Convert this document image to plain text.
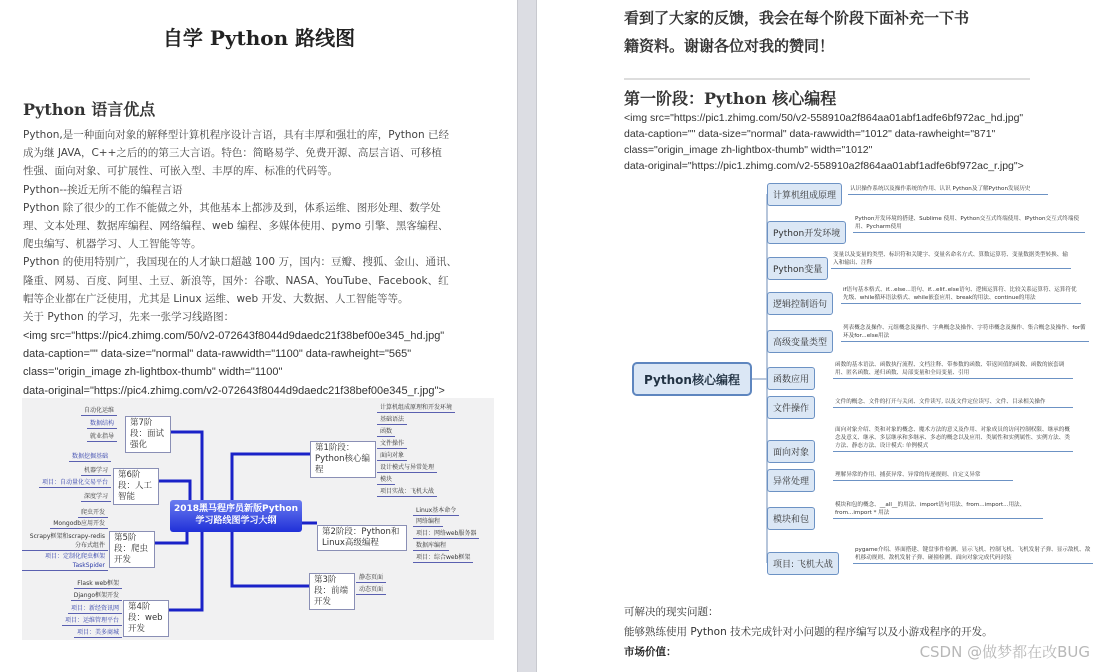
自学 Python 路线图
Python 语言优点
Python,是一种面向对象的解释型计算机程序设计言语，具有丰厚和强壮的库，Python 已经
成为继 JAVA，C++之后的的第三大言语。特色：简略易学、免费开源、高层言语、可移植
性强、面向对象、可扩展性、可嵌入型、丰厚的库、标准的代码等。
Python--挨近无所不能的编程言语
Python 除了很少的工作不能做之外，其他基本上都涉及到，体系运维、图形处理、数学处
理、文本处理、数据库编程、网络编程、web 编程、多媒体使用、pymo 引擎、黑客编程、
爬虫编写、机器学习、人工智能等等。
Python 的使用特别广，我国现在的人才缺口超越 100 万，国内：豆瓣、搜狐、金山、通讯、
隆重、网易、百度、阿里、土豆、新浪等，国外：谷歌、NASA、YouTube、Facebook、红
帽等企业都在广泛使用，尤其是 Linux 运维、web 开发、大数据、人工智能等等。
关于 Python 的学习，先来一张学习线路图：
<img src="https://pic4.zhimg.com/50/v2-072643f8044d9daedc21f38bef00e345_hd.jpg"
data-caption="" data-size="normal" data-rawwidth="1100" data-rawheight="565"
class="origin_image zh-lightbox-thumb" width="1100"
data-original="https://pic4.zhimg.com/v2-072643f8044d9daedc21f38bef00e345_r.jpg">
2018黑马程序员新版Python学习路线图学习大纲
第7阶段：面试强化
自动化运维
数据结构
就业指导
第6阶段：人工智能
数据挖掘基础
机器学习
项目：自动量化交易平台
深度学习
第5阶段：爬虫开发
爬虫开发
Mongodb应用开发
Scrapy框架和scrapy-redis分布式组件
项目：定制化爬虫框架TaskSpider
第4阶段：web开发
Flask web框架
Django框架开发
项目：新经资讯网
项目：运维管理平台
项目：美多商城
第1阶段：Python核心编程
计算机组成原理和开发环境
基础语法
函数
文件操作
面向对象
设计模式与异常处理
模块
项目实战：飞机大战
第2阶段：Python和Linux高级编程
Linux基本命令
网络编程
项目：网络web服务器
数据库编程
项目：综合web框架
第3阶段：前端开发
静态页面
动态页面
看到了大家的反馈，我会在每个阶段下面补充一下书
籍资料。谢谢各位对我的赞同！
第一阶段：Python 核心编程
<img src="https://pic1.zhimg.com/50/v2-558910a2f864aa01abf1adfe6bf972ac_hd.jpg"
data-caption="" data-size="normal" data-rawwidth="1012" data-rawheight="871"
class="origin_image zh-lightbox-thumb" width="1012"
data-original="https://pic1.zhimg.com/v2-558910a2f864aa01abf1adfe6bf972ac_r.jpg">
Python核心编程
计算机组成原理
认识操作系统以及操作系统的作用、认识 Python及了解Python发展历史
Python开发环境
Python开发环境的搭建、Sublime 使用、Python交互式终端使用、IPython交互式终端使用、Pycharm使用
Python变量
变量以及变量的类型、标识符和关键字、变量名命名方式、算数运算符、变量数据类型转换、输入和输出、注释
逻辑控制语句
if语句基本格式、if...else...语句、if...elif..else语句、逻辑运算符、比较关系运算符、运算符优先级、while循环语法格式、while嵌套应用、break的用法、continue的用法
高级变量类型
列表概念及操作、元组概念及操作、字典概念及操作、字符串概念及操作、集合概念及操作、for循环及for...else用法
函数应用
函数的基本语法、函数执行流程、文档注释、带参数的函数、带返回值的函数、函数的嵌套调用、匿名函数、递归函数、局部变量和全局变量、引用
文件操作
文件的概念、文件的打开与关闭、文件读写, 以及文件定位读写、文件、目录相关操作
面向对象
面向对象介绍、类和对象的概念、魔术方法的意义及作用、对象成员的访问控制权限、继承的概念及意义、继承、多层继承和多继承、多态的概念以及应用、类属性和实例属性、实例方法、类方法、静态方法、设计模式: 单例模式
异常处理
理解异常的作用、捕获异常、异常的传递规则、自定义异常
模块和包
模块和包的概念、__all__的用法、import语句用法、from...import...用法、from...import * 用法
项目: 飞机大战
pygame介绍、界面搭建、键盘事件检测、显示飞机、控制飞机、飞机发射子弹、显示敌机、敌机移动规则、敌机发射子弹、碰撞检测、面向对象完成代码封装
可解决的现实问题：
能够熟练使用 Python 技术完成针对小问题的程序编写以及小游戏程序的开发。
市场价值：	CSDN @做梦都在改BUG
